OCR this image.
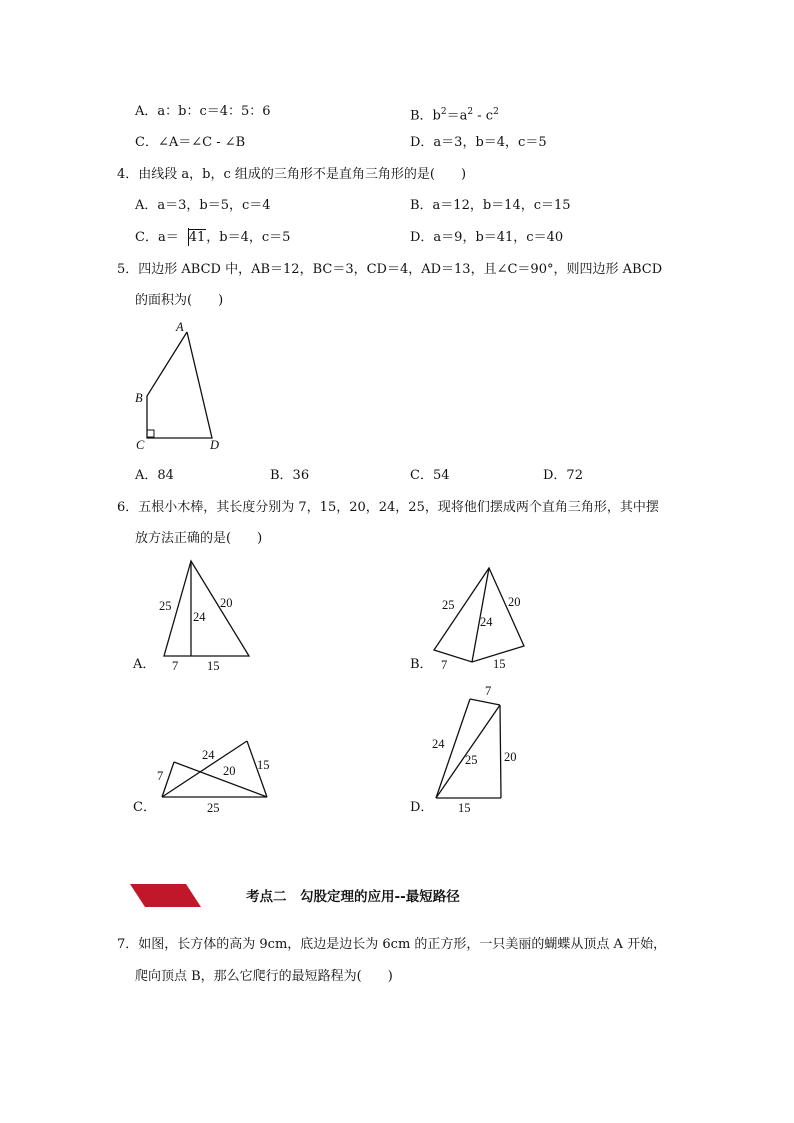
A．a：b：c＝4：5：6	B．$b^2=a^2 - c^2$
C．∠A＝∠C - ∠B	D．a＝3，b＝4，c＝5
4．由线段 a，b，c 组成的三角形不是直角三角形的是(　　)
A．a＝3，b＝5，c＝4	B．a＝12，b＝14，c＝15
C．a＝ 41，b＝4，c＝5	D．a＝9，b＝41，c＝40
5．四边形 ABCD 中，AB＝12，BC＝3，CD＝4，AD＝13，且∠C＝90°，则四边形 ABCD
的面积为(　　)
A
B
C	D
A．84	B．36	C．54	D．72
6．五根小木棒，其长度分别为 7，15，20，24，25，现将他们摆成两个直角三角形，其中摆
放方法正确的是(　　)
A．
25
24
20
7 15	B．
25
24
20
7	15
C．
7
24
20 15
25	D．
7
24
25 20
15
考点二　勾股定理的应用--最短路径
7．如图，长方体的高为 9cm，底边是边长为 6cm 的正方形，一只美丽的蝴蝶从顶点 A 开始，
爬向顶点 B，那么它爬行的最短路程为(　　)
